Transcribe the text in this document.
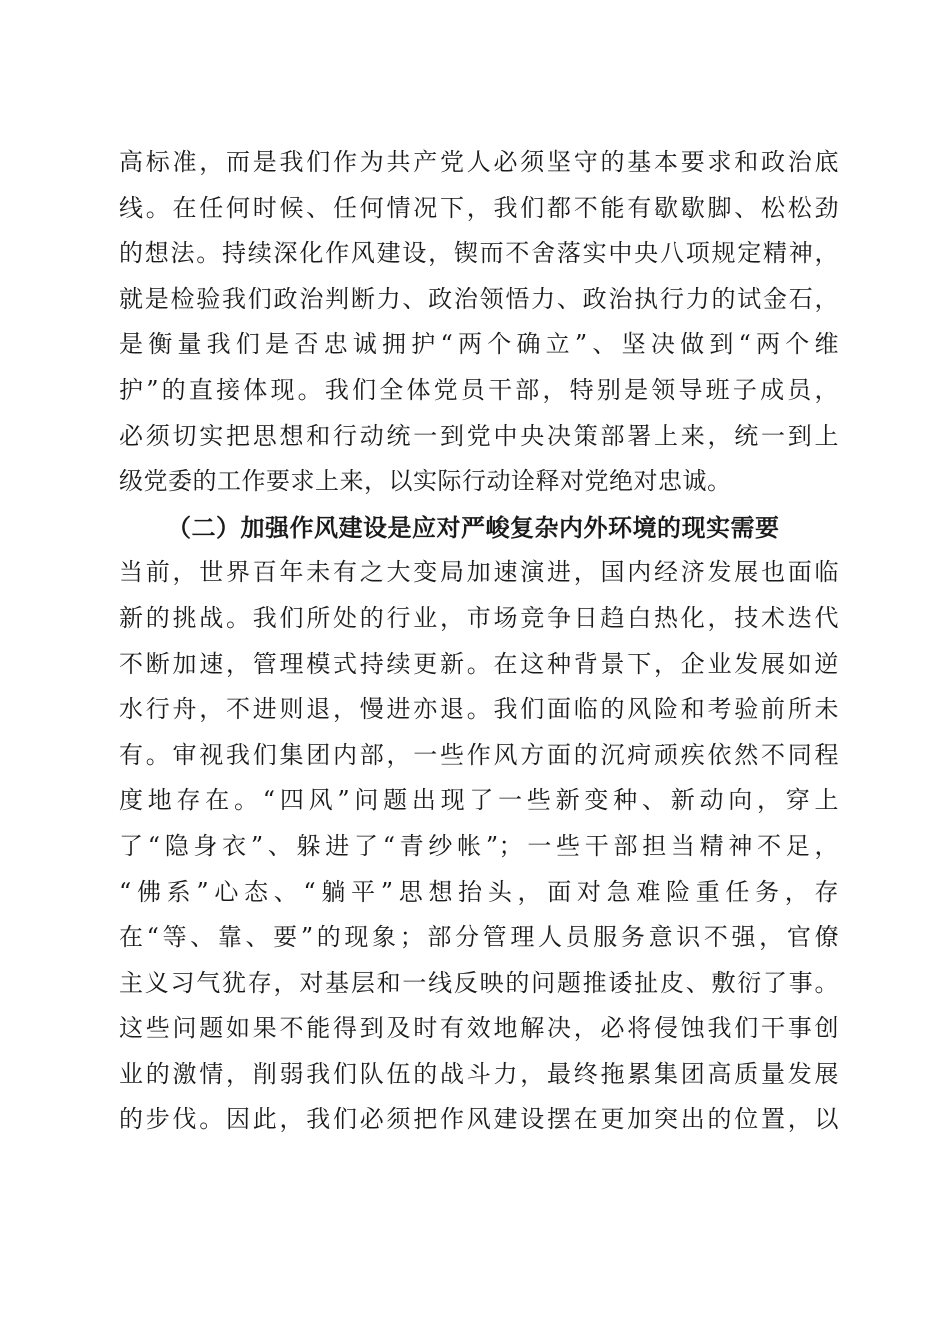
高标准，而是我们作为共产党人必须坚守的基本要求和政治底
线。在任何时候、任何情况下，我们都不能有歇歇脚、松松劲
的想法。持续深化作风建设，锲而不舍落实中央八项规定精神，
就是检验我们政治判断力、政治领悟力、政治执行力的试金石，
是衡量我们是否忠诚拥护“两个确立”、坚决做到“两个维
护”的直接体现。我们全体党员干部，特别是领导班子成员，
必须切实把思想和行动统一到党中央决策部署上来，统一到上
级党委的工作要求上来，以实际行动诠释对党绝对忠诚。
（二）加强作风建设是应对严峻复杂内外环境的现实需要
当前，世界百年未有之大变局加速演进，国内经济发展也面临
新的挑战。我们所处的行业，市场竞争日趋白热化，技术迭代
不断加速，管理模式持续更新。在这种背景下，企业发展如逆
水行舟，不进则退，慢进亦退。我们面临的风险和考验前所未
有。审视我们集团内部，一些作风方面的沉疴顽疾依然不同程
度地存在。“四风”问题出现了一些新变种、新动向，穿上
了“隐身衣”、躲进了“青纱帐”；一些干部担当精神不足，
“佛系”心态、“躺平”思想抬头，面对急难险重任务，存
在“等、靠、要”的现象；部分管理人员服务意识不强，官僚
主义习气犹存，对基层和一线反映的问题推诿扯皮、敷衍了事。
这些问题如果不能得到及时有效地解决，必将侵蚀我们干事创
业的激情，削弱我们队伍的战斗力，最终拖累集团高质量发展
的步伐。因此，我们必须把作风建设摆在更加突出的位置，以
